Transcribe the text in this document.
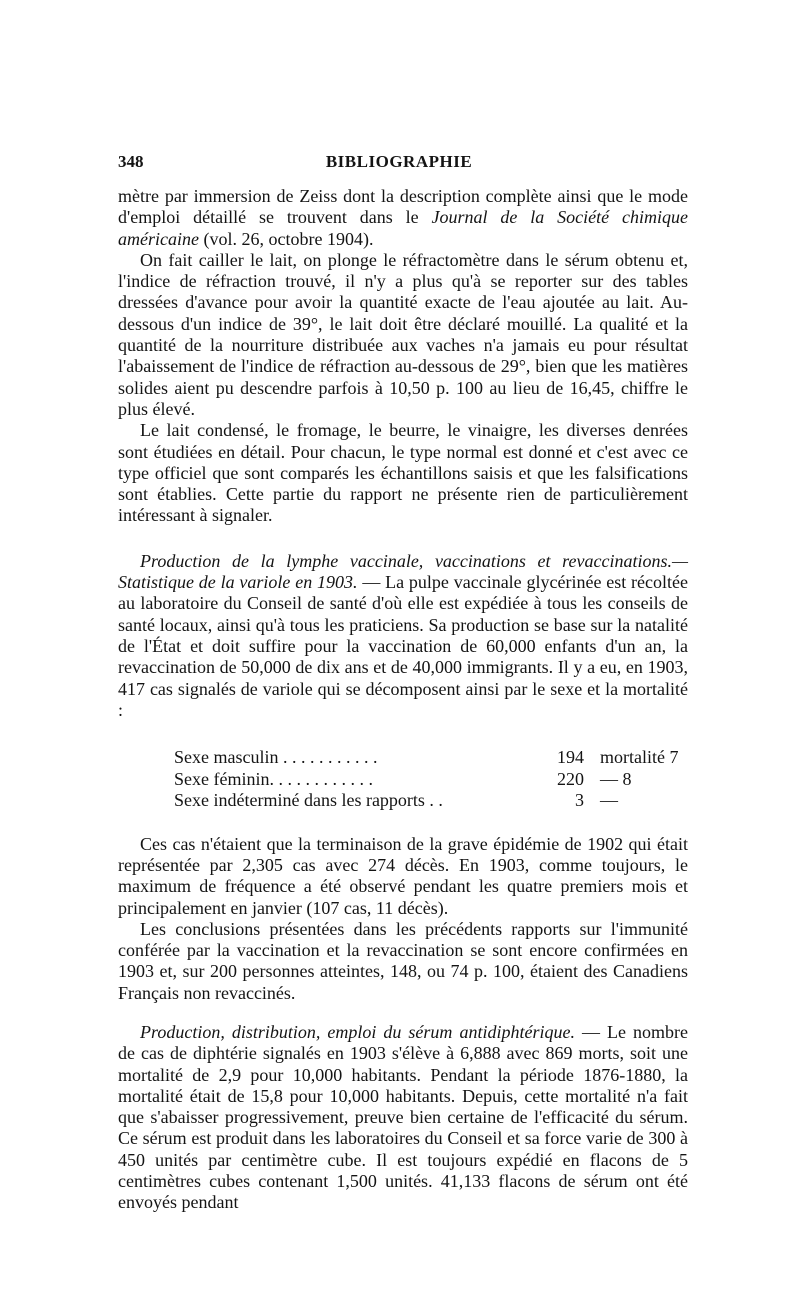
348	BIBLIOGRAPHIE

mètre par immersion de Zeiss dont la description complète ainsi que le mode d'emploi détaillé se trouvent dans le Journal de la Société chimique américaine (vol. 26, octobre 1904).

On fait cailler le lait, on plonge le réfractomètre dans le sérum obtenu et, l'indice de réfraction trouvé, il n'y a plus qu'à se reporter sur des tables dressées d'avance pour avoir la quantité exacte de l'eau ajoutée au lait. Au-dessous d'un indice de 39°, le lait doit être déclaré mouillé. La qualité et la quantité de la nourriture distribuée aux vaches n'a jamais eu pour résultat l'abaissement de l'indice de réfraction au-dessous de 29°, bien que les matières solides aient pu descendre parfois à 10,50 p. 100 au lieu de 16,45, chiffre le plus élevé.

Le lait condensé, le fromage, le beurre, le vinaigre, les diverses denrées sont étudiées en détail. Pour chacun, le type normal est donné et c'est avec ce type officiel que sont comparés les échantillons saisis et que les falsifications sont établies. Cette partie du rapport ne présente rien de particulièrement intéressant à signaler.

Production de la lymphe vaccinale, vaccinations et revaccinations.— Statistique de la variole en 1903. — La pulpe vaccinale glycérinée est récoltée au laboratoire du Conseil de santé d'où elle est expédiée à tous les conseils de santé locaux, ainsi qu'à tous les praticiens. Sa production se base sur la natalité de l'État et doit suffire pour la vaccination de 60,000 enfants d'un an, la revaccination de 50,000 de dix ans et de 40,000 immigrants. Il y a eu, en 1903, 417 cas signalés de variole qui se décomposent ainsi par le sexe et la mortalité :

Sexe masculin . . . . . . . . . . .	194 mortalité 7
Sexe féminin. . . . . . . . . . . .	220 — 8
Sexe indéterminé dans les rapports . .	3 —

Ces cas n'étaient que la terminaison de la grave épidémie de 1902 qui était représentée par 2,305 cas avec 274 décès. En 1903, comme toujours, le maximum de fréquence a été observé pendant les quatre premiers mois et principalement en janvier (107 cas, 11 décès).

Les conclusions présentées dans les précédents rapports sur l'immunité conférée par la vaccination et la revaccination se sont encore confirmées en 1903 et, sur 200 personnes atteintes, 148, ou 74 p. 100, étaient des Canadiens Français non revaccinés.

Production, distribution, emploi du sérum antidiphtérique. — Le nombre de cas de diphtérie signalés en 1903 s'élève à 6,888 avec 869 morts, soit une mortalité de 2,9 pour 10,000 habitants. Pendant la période 1876-1880, la mortalité était de 15,8 pour 10,000 habitants. Depuis, cette mortalité n'a fait que s'abaisser progressivement, preuve bien certaine de l'efficacité du sérum. Ce sérum est produit dans les laboratoires du Conseil et sa force varie de 300 à 450 unités par centimètre cube. Il est toujours expédié en flacons de 5 centimètres cubes contenant 1,500 unités. 41,133 flacons de sérum ont été envoyés pendant
